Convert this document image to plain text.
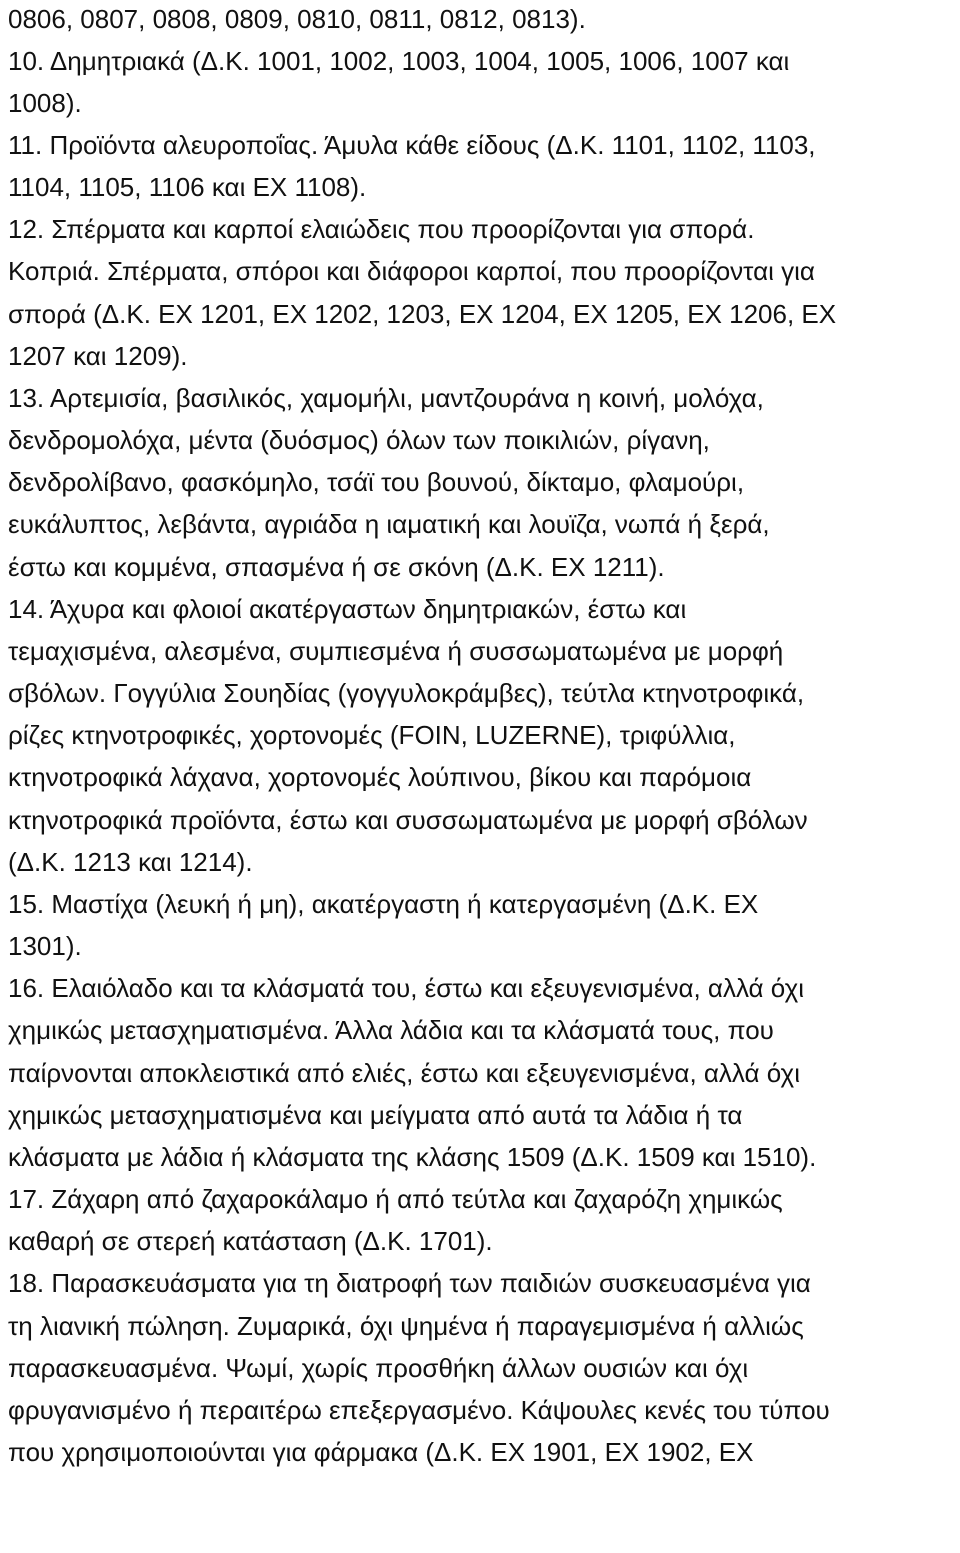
0806, 0807, 0808, 0809, 0810, 0811, 0812, 0813).
10. Δημητριακά (Δ.Κ. 1001, 1002, 1003, 1004, 1005, 1006, 1007 και
1008).
11. Προϊόντα αλευροποΐας. Άμυλα κάθε είδους (Δ.Κ. 1101, 1102, 1103,
1104, 1105, 1106 και ΕΧ 1108).
12. Σπέρματα και καρποί ελαιώδεις που προορίζονται για σπορά.
Κοπριά. Σπέρματα, σπόροι και διάφοροι καρποί, που προορίζονται για
σπορά (Δ.Κ. ΕΧ 1201, ΕΧ 1202, 1203, ΕΧ 1204, ΕΧ 1205, ΕΧ 1206, ΕΧ
1207 και 1209).
13. Αρτεμισία, βασιλικός, χαμομήλι, μαντζουράνα η κοινή, μολόχα,
δενδρομολόχα, μέντα (δυόσμος) όλων των ποικιλιών, ρίγανη,
δενδρολίβανο, φασκόμηλο, τσάϊ του βουνού, δίκταμο, φλαμούρι,
ευκάλυπτος, λεβάντα, αγριάδα η ιαματική και λουϊζα, νωπά ή ξερά,
έστω και κομμένα, σπασμένα ή σε σκόνη (Δ.Κ. ΕΧ 1211).
14. Άχυρα και φλοιοί ακατέργαστων δημητριακών, έστω και
τεμαχισμένα, αλεσμένα, συμπιεσμένα ή συσσωματωμένα με μορφή
σβόλων. Γογγύλια Σουηδίας (γογγυλοκράμβες), τεύτλα κτηνοτροφικά,
ρίζες κτηνοτροφικές, χορτονομές (FOIN, LUZERNE), τριφύλλια,
κτηνοτροφικά λάχανα, χορτονομές λούπινου, βίκου και παρόμοια
κτηνοτροφικά προϊόντα, έστω και συσσωματωμένα με μορφή σβόλων
(Δ.Κ. 1213 και 1214).
15. Μαστίχα (λευκή ή μη), ακατέργαστη ή κατεργασμένη (Δ.Κ. ΕΧ
1301).
16. Ελαιόλαδο και τα κλάσματά του, έστω και εξευγενισμένα, αλλά όχι
χημικώς μετασχηματισμένα. Άλλα λάδια και τα κλάσματά τους, που
παίρνονται αποκλειστικά από ελιές, έστω και εξευγενισμένα, αλλά όχι
χημικώς μετασχηματισμένα και μείγματα από αυτά τα λάδια ή τα
κλάσματα με λάδια ή κλάσματα της κλάσης 1509 (Δ.Κ. 1509 και 1510).
17. Ζάχαρη από ζαχαροκάλαμο ή από τεύτλα και ζαχαρόζη χημικώς
καθαρή σε στερεή κατάσταση (Δ.Κ. 1701).
18. Παρασκευάσματα για τη διατροφή των παιδιών συσκευασμένα για
τη λιανική πώληση. Ζυμαρικά, όχι ψημένα ή παραγεμισμένα ή αλλιώς
παρασκευασμένα. Ψωμί, χωρίς προσθήκη άλλων ουσιών και όχι
φρυγανισμένο ή περαιτέρω επεξεργασμένο. Κάψουλες κενές του τύπου
που χρησιμοποιούνται για φάρμακα (Δ.Κ. ΕΧ 1901, ΕΧ 1902, ΕΧ
